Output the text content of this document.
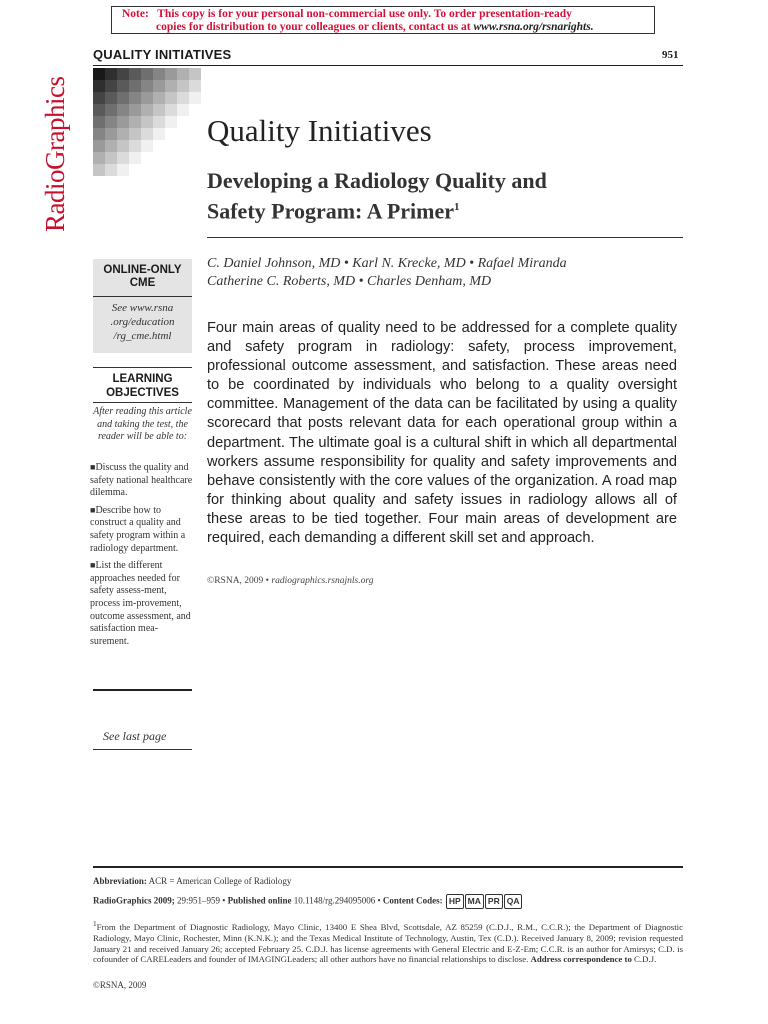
Note: This copy is for your personal non-commercial use only. To order presentation-ready
copies for distribution to your colleagues or clients, contact us at www.rsna.org/rsnarights.
QUALITY INITIATIVES	951
RadioGraphics	Quality Initiatives
Developing a Radiology Quality and
Safety Program: A Primer$^1$
C. Daniel Johnson, MD • Karl N. Krecke, MD • Rafael Miranda
Catherine C. Roberts, MD • Charles Denham, MD
Four main areas of quality need to be addressed for a complete quality and safety program in radiology: safety, process improvement, professional outcome assessment, and satisfaction. These areas need to be coordinated by individuals who belong to a quality oversight committee. Management of the data can be facilitated by using a quality scorecard that posts relevant data for each operational group within a department. The ultimate goal is a cultural shift in which all departmental workers assume responsibility for quality and safety improvements and behave consistently with the core values of the organization. A road map for thinking about quality and safety issues in radiology allows all of these areas to be tied together. Four main areas of development are required, each demanding a different skill set and approach.
©RSNA, 2009 • radiographics.rsnajnls.org
ONLINE-ONLY
CME
See www.rsna
.org/education
/rg_cme.html
LEARNING
OBJECTIVES
After reading this article and taking the test, the reader will be able to:
■Discuss the quality and safety national healthcare dilemma.
■Describe how to construct a quality and safety program within a radiology department.
■List the different approaches needed for safety assess-ment, process im-provement, outcome assessment, and satisfaction mea-surement.
See last page
Abbreviation: ACR = American College of Radiology
RadioGraphics 2009; 29:951–959 • Published online 10.1148/rg.294095006 • Content Codes: HP MA PR QA
$^1$From the Department of Diagnostic Radiology, Mayo Clinic, 13400 E Shea Blvd, Scottsdale, AZ 85259 (C.D.J., R.M., C.C.R.); the Department of Diagnostic Radiology, Mayo Clinic, Rochester, Minn (K.N.K.); and the Texas Medical Institute of Technology, Austin, Tex (C.D.). Received January 8, 2009; revision requested January 21 and received January 26; accepted February 25. C.D.J. has license agreements with General Electric and E-Z-Em; C.C.R. is an author for Amirsys; C.D. is cofounder of CARELeaders and founder of IMAGINGLeaders; all other authors have no financial relationships to disclose. Address correspondence to C.D.J.
©RSNA, 2009
